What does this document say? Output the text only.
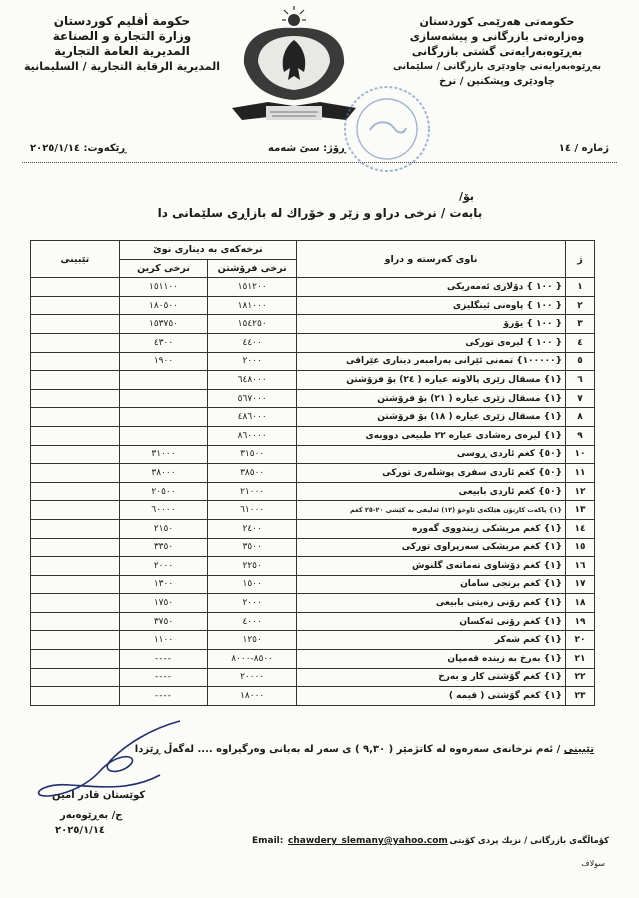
حكومه‌تی هه‌رێمی كوردستان
وه‌زاره‌تی بازرگانی و پیشه‌سازی
به‌ڕێوه‌به‌رایه‌تی گشتی بازرگانی
به‌ڕێوه‌به‌رایه‌تی چاودێری بازرگانی / سلێمانی
چاودێری وپشكنین / نرخ
حكومة أقليم كوردستان
وزارة التجارة و الصناعة
المديرية العامة التجارية
المديرية الرقابة التجارية / السليمانية
ژماره / ١٤
ڕۆژ: سێ شه‌مه
ڕێكه‌وت: ٢٠٢٥/١/١٤
بۆ/
بابه‌ت / نرخی دراو و زێر و خۆراك له‌ بازاڕی سلێمانی دا
ژ	ناوی كه‌رسته‌ و دراو	نرخه‌كه‌ی به‌ دیناری نوێ		تێبینی
		نرخی فرۆشتن	نرخی كرین	
١	{ ١٠٠ } دۆلاری ئه‌مه‌ریكی	١٥١٢٠٠	١٥١١٠٠	
٢	{ ١٠٠ } پاوه‌نی ئینگلیزی	١٨١٠٠٠	١٨٠٥٠٠	
٣	{ ١٠٠ } یۆرۆ	١٥٤٢٥٠	١٥٣٧٥٠	
٤	{ ١٠٠ } لیره‌ی توركی	٤٤٠٠	٤٣٠٠	
٥	{١٠٠٠٠٠} تمه‌نی ئێرانی به‌رامبه‌ر دیناری عێراقی	٢٠٠٠	١٩٠٠	
٦	{١} مسقال زێری پالاوته‌ عیاره‌ ( ٢٤) بۆ فرۆشتن	٦٤٨٠٠٠		
٧	{١} مسقال زێری عیاره‌ ( ٢١) بۆ فرۆشتن	٥٦٧٠٠٠		
٨	{١} مسقال زێری عیاره‌ ( ١٨) بۆ فرۆشتن	٤٨٦٠٠٠		
٩	{١} لیره‌ی ره‌شادی عیاره‌ ٢٢ طبیعی دووبه‌ی	٨٦٠٠٠٠		
١٠	{٥٠} كغم ئاردی ڕوسی	٣١٥٠٠	٣١٠٠٠	
١١	{٥٠} كغم ئاردی سفری پوشله‌ری توركی	٣٨٥٠٠	٣٨٠٠٠	
١٢	{٥٠} كغم ئاردی بابیعی	٢١٠٠٠	٢٠٥٠٠	
١٣	{١} پاكه‌ت كارتۆن هێلكه‌ی ئاوخۆ (١٢) ئه‌لیفی به‌ كێشی ٢٠-٢٥ كغم	٦١٠٠٠	٦٠٠٠٠	
١٤	{١} كغم مریشكی زیندووی گه‌وره‌	٢٤٠٠	٢١٥٠	
١٥	{١} كغم مریشكی سه‌رپراوی توركی	٣٥٠٠	٣٣٥٠	
١٦	{١} كغم دۆشاوی ته‌ماته‌ی گلنوش	٢٢٥٠	٢٠٠٠	
١٧	{١} كغم برنجی سامان	١٥٠٠	١٣٠٠	
١٨	{١} كغم رۆنی زه‌یتی بابیعی	٢٠٠٠	١٧٥٠	
١٩	{١} كغم رۆنی ئه‌كسان	٤٠٠٠	٣٧٥٠	
٢٠	{١} كغم شه‌كر	١٢٥٠	١١٠٠	
٢١	{١} به‌رخ به‌ زینده‌ قه‌مپان	٨٥٠٠-٨٠٠٠	----	
٢٢	{١} كغم گۆشتی كار و به‌رخ	٢٠٠٠٠	----	
٢٣	{١} كغم گۆشتی ( قیمه‌ )	١٨٠٠٠	----	
تێبینی / ئه‌م نرخانه‌ی سه‌ره‌وه‌ له‌ كاتژمێر ( ٩,٣٠ ) ی سه‌ر له‌ به‌یانی وه‌رگیراوه‌ .... له‌گه‌ڵ ڕێزدا
كوێستان قادر امین
ج/ به‌ڕێوه‌به‌ر
٢٠٢٥/١/١٤
Email: chawdery_slemany@yahoo.com كۆماڵگه‌ی بازرگانی / نزیك پردی كۆیتی
سولاف
